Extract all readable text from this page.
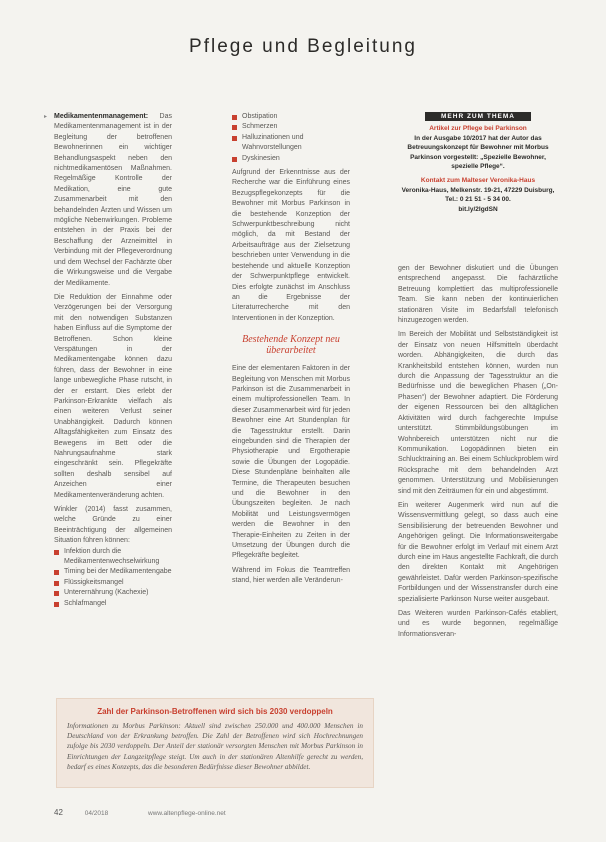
Pflege und Begleitung
▸ Medikamentenmanagement: Das Medikamentenmanagement ist in der Begleitung der betroffenen Bewohnerinnen ein wichtiger Behandlungsaspekt neben den nichtmedikamentösen Maßnahmen. Regelmäßige Kontrolle der Medikation, eine gute Zusammenarbeit mit den behandelnden Ärzten und Wissen um mögliche Nebenwirkungen. Probleme entstehen in der Praxis bei der Beschaffung der Arzneimittel in Verbindung mit der Pflegeverordnung und dem Wechsel der Fachärzte über die Wirkungsweise und die Vergabe der Medikamente.

Die Reduktion der Einnahme oder Verzögerungen bei der Versorgung mit den notwendigen Substanzen haben Einfluss auf die Symptome der Betroffenen. Schon kleine Verspätungen in der Medikamentengabe können dazu führen, dass der Bewohner in eine lange unbewegliche Phase rutscht, in der er erstarrt. Dies erlebt der Parkinson-Erkrankte vielfach als einen weiteren Verlust seiner Unabhängigkeit. Dadurch können Alltagsfähigkeiten zum Einsatz des Bewegens im Bett oder die Nahrungsaufnahme stark eingeschränkt sein. Pflegekräfte sollten deshalb sensibel auf Anzeichen einer Medikamentenveränderung achten.

Winkler (2014) fasst zusammen, welche Gründe zu einer Beeinträchtigung der allgemeinen Situation führen können:

Infektion durch die Medikamentenwechselwirkung
Timing bei der Medikamentengabe
Flüssigkeitsmangel
Unterernährung (Kachexie)
Schlafmangel
Obstipation
Schmerzen
Halluzinationen und Wahnvorstellungen
Dyskinesien

Aufgrund der Erkenntnisse aus der Recherche war die Einführung eines Bezugspflegekonzepts für die Bewohner mit Morbus Parkinson in die bestehende Konzeption der Schwerpunktbeschreibung nicht möglich, da mit Bestand der Arbeitsaufträge aus der Zielsetzung beschrieben unter Verwendung in die bestehende und aktuelle Konzeption der Schwerpunktpflege entwickelt. Dies erfolgte zunächst im Anschluss an die Ergebnisse der Literaturrecherche mit den Interventionen in der Konzeption.

Bestehende Konzept neu überarbeitet

Eine der elementaren Faktoren in der Begleitung von Menschen mit Morbus Parkinson ist die Zusammenarbeit in einem multiprofessionellen Team. In dieser Zusammenarbeit wird für jeden Bewohner eine Art Stundenplan für die Tagesstruktur erstellt. Darin eingebunden sind die Therapien der Physiotherapie und Ergotherapie sowie die Übungen der Logopädie. Diese Stundenpläne beinhalten alle Termine, die Therapeuten besuchen und die Bewohner in den Übungszeiten begleiten. Je nach Mobilität und Leistungsvermögen werden die Bewohner in den Therapie-Einheiten zu Zeiten in der Umsetzung der Übungen durch die Pflegekräfte begleitet.

Während im Fokus die Teamtreffen stand, hier werden alle Veränderun-

MEHR ZUM THEMA
Artikel zur Pflege bei Parkinson
In der Ausgabe 10/2017 hat der Autor das Betreuungskonzept für Bewohner mit Morbus Parkinson vorgestellt: „Spezielle Bewohner, spezielle Pflege“.
Kontakt zum Malteser Veronika-Haus
Veronika-Haus, Melkenstr. 19-21, 47229 Duisburg, Tel.: 0 21 51 - 5 34 00.
bit.ly/2IgdSN

gen der Bewohner diskutiert und die Übungen entsprechend angepasst. Die fachärztliche Betreuung komplettiert das multiprofessionelle Team. Sie kann neben der kontinuierlichen stationären Visite im Bedarfsfall telefonisch hinzugezogen werden.

Im Bereich der Mobilität und Selbstständigkeit ist der Einsatz von neuen Hilfsmitteln überdacht worden. Abhängigkeiten, die durch das Krankheitsbild entstehen können, wurden nun durch die Anpassung der Tagesstruktur an die Bedürfnisse und die beweglichen Phasen („On-Phasen“) der Bewohner adaptiert. Die Förderung der eigenen Ressourcen bei den alltäglichen Aktivitäten wird durch fachgerechte Impulse unterstützt. Stimmbildungsübungen im Wohnbereich unterstützen nicht nur die Kommunikation. Logopädinnen bieten ein Schlucktraining an. Bei einem Schluckproblem wird Rücksprache mit dem behandelnden Arzt genommen. Unterstützung und Mobilisierungen sind mit den Zeiträumen für ein und abgestimmt.

Ein weiterer Augenmerk wird nun auf die Wissensvermittlung gelegt, so dass auch eine Sensibilisierung der betreuenden Bewohner und Angehörigen gelingt. Die Informationsweitergabe für die Bewohner erfolgt im Verlauf mit einem Arzt durch eine im Haus angestellte Fachkraft, die durch den direkten Kontakt mit Angehörigen gewährleistet. Dafür werden Parkinson-spezifische Fortbildungen und der Wissenstransfer durch eine spezialisierte Parkinson Nurse weiter ausgebaut.

Das Weiteren wurden Parkinson-Cafés etabliert, und es wurde begonnen, regelmäßige Informationsveran-

Zahl der Parkinson-Betroffenen wird sich bis 2030 verdoppeln
Informationen zu Morbus Parkinson: Aktuell sind zwischen 250.000 und 400.000 Menschen in Deutschland von der Erkrankung betroffen. Die Zahl der Betroffenen wird sich Hochrechnungen zufolge bis 2030 verdoppeln. Der Anteil der stationär versorgten Menschen mit Morbus Parkinson in Einrichtungen der Langzeitpflege steigt. Um auch in der stationären Altenhilfe gerecht zu werden, bedarf es eines Konzepts, das die besonderen Bedürfnisse dieser Bewohner abbildet.
42	04/2018	www.altenpflege-online.net
